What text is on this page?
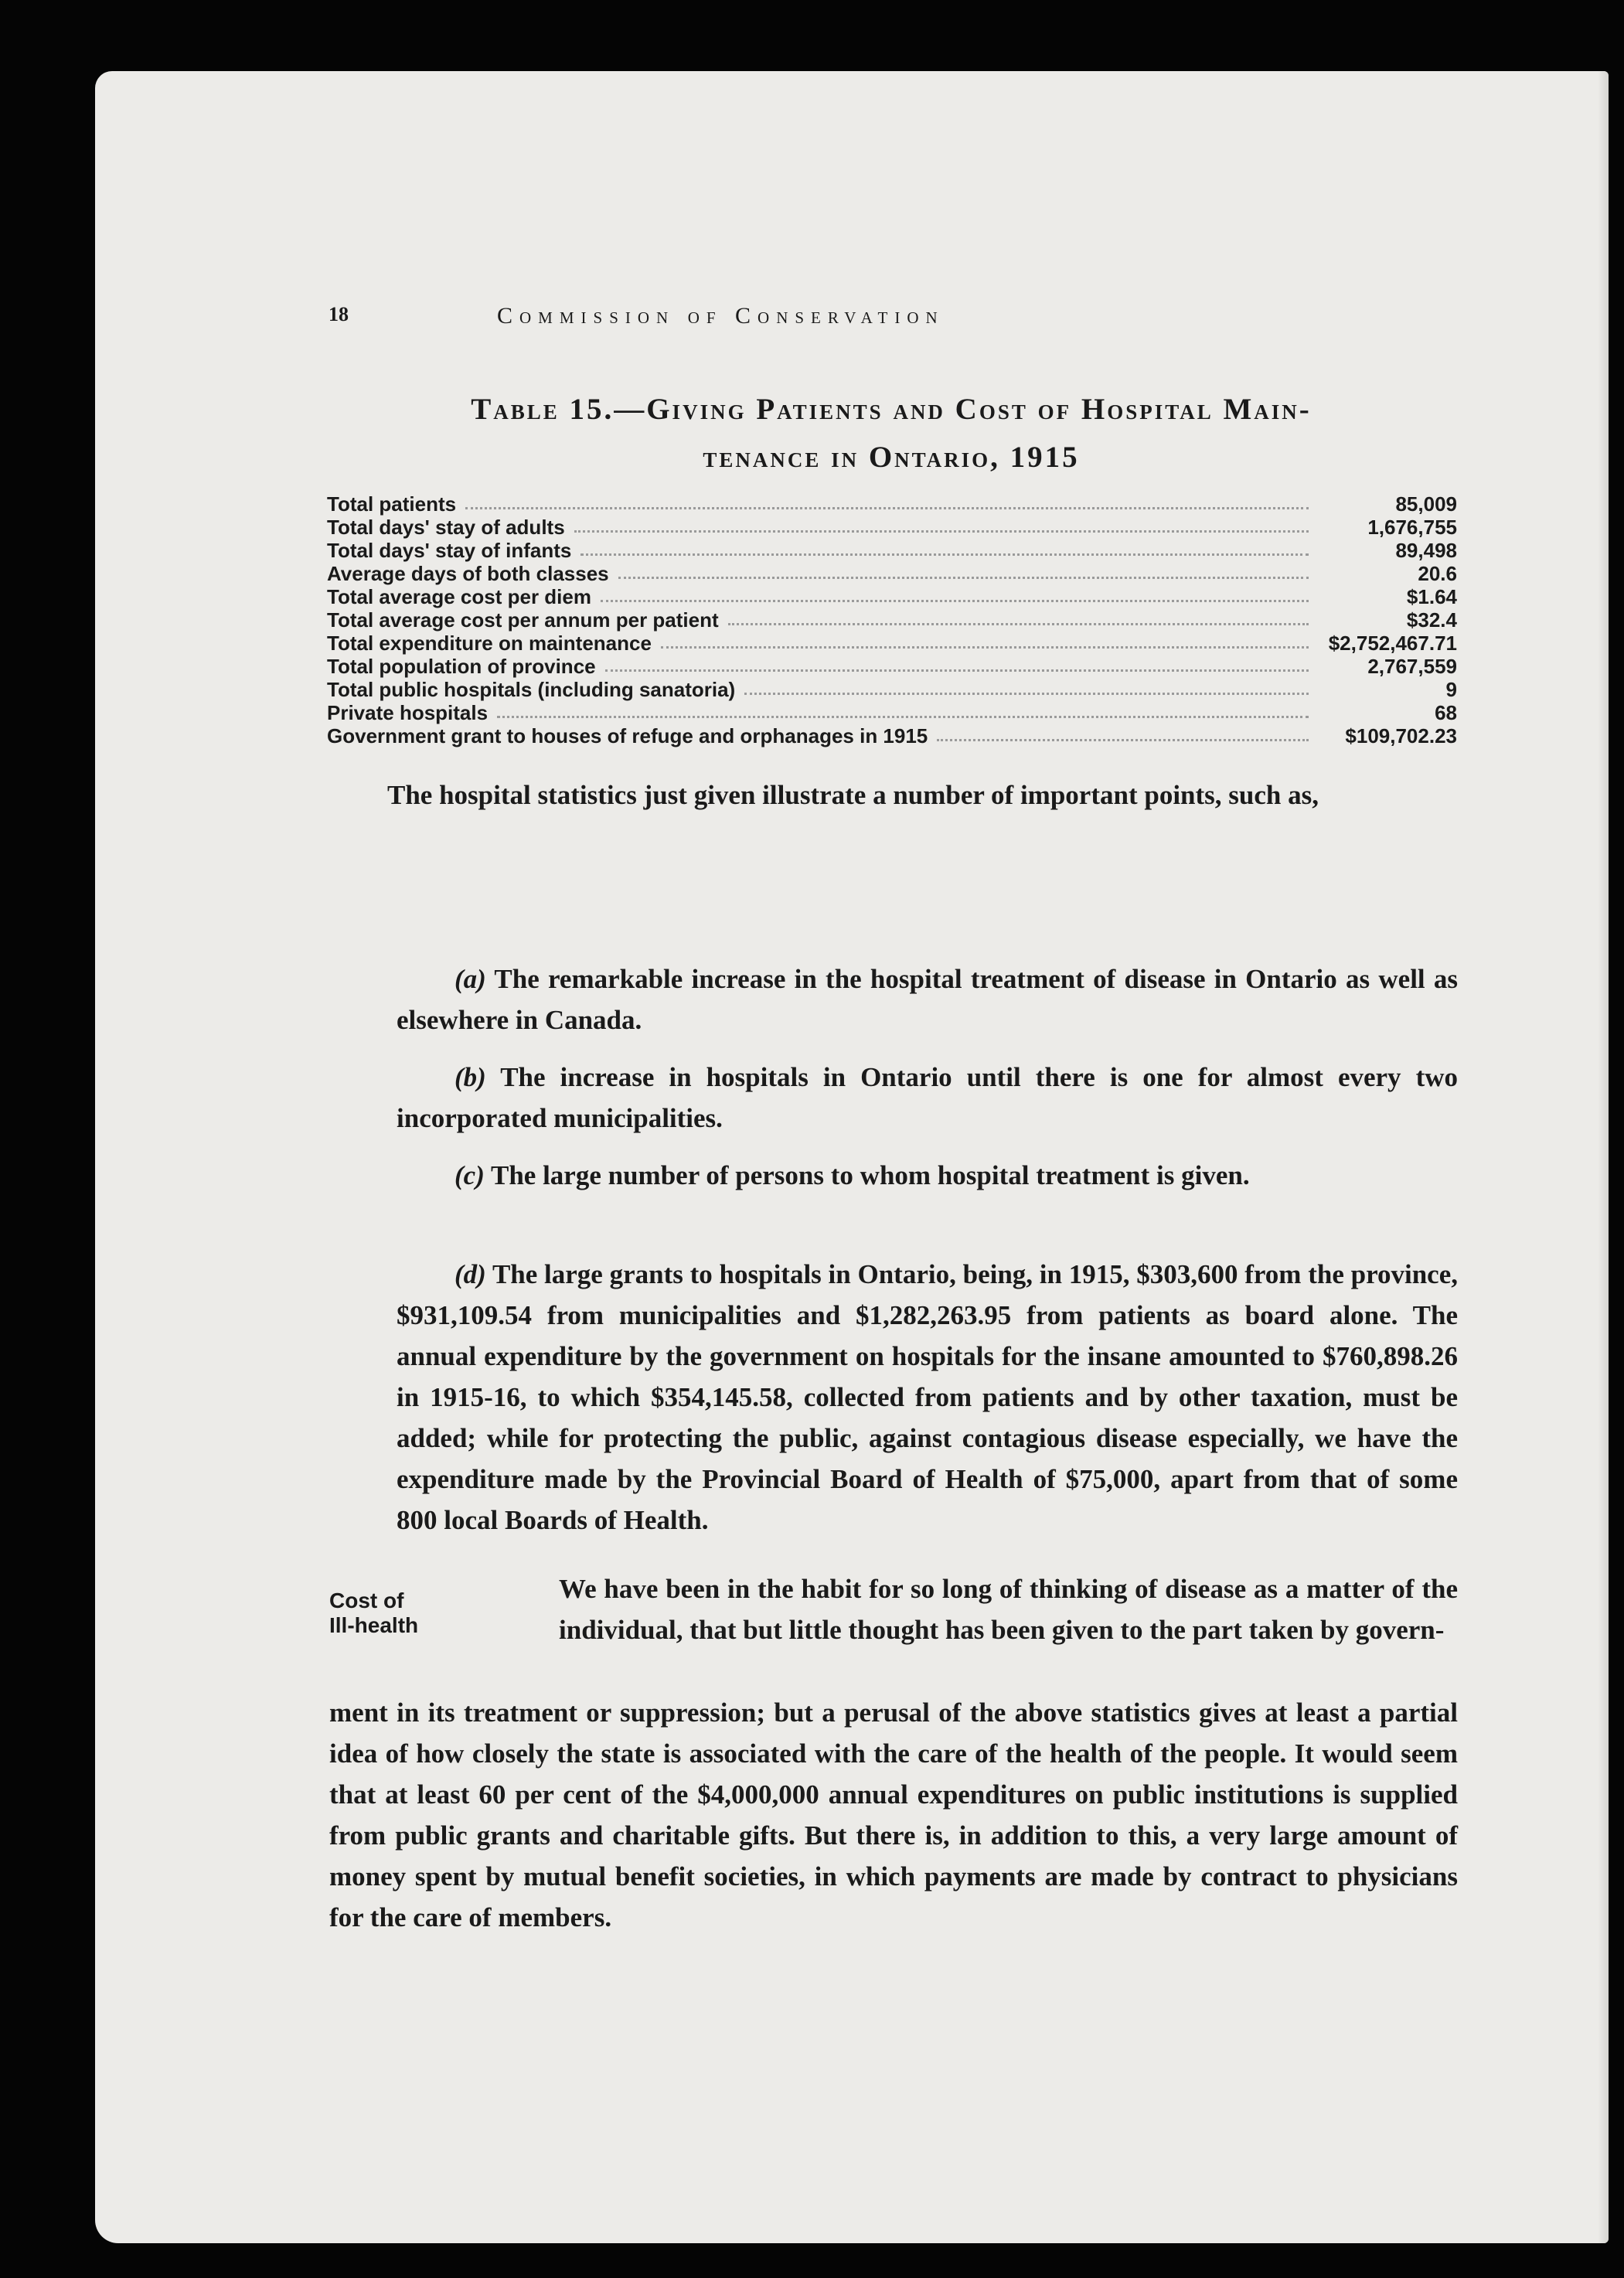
18	Commission of Conservation
Table 15.—Giving Patients and Cost of Hospital Main-
tenance in Ontario, 1915
Total patients	85,009
Total days' stay of adults	1,676,755
Total days' stay of infants	89,498
Average days of both classes	20.6
Total average cost per diem	$1.64
Total average cost per annum per patient	$32.4
Total expenditure on maintenance	$2,752,467.71
Total population of province	2,767,559
Total public hospitals (including sanatoria)	9
Private hospitals	68
Government grant to houses of refuge and orphanages in 1915	$109,702.23
The hospital statistics just given illustrate a number of important points, such as,
(a) The remarkable increase in the hospital treatment of disease in Ontario as well as elsewhere in Canada.
(b) The increase in hospitals in Ontario until there is one for almost every two incorporated municipalities.
(c) The large number of persons to whom hospital treatment is given.
(d) The large grants to hospitals in Ontario, being, in 1915, $303,600 from the province, $931,109.54 from municipalities and $1,282,263.95 from patients as board alone. The annual expenditure by the government on hospitals for the insane amounted to $760,898.26 in 1915-16, to which $354,145.58, collected from patients and by other taxation, must be added; while for protecting the public, against contagious disease especially, we have the expenditure made by the Provincial Board of Health of $75,000, apart from that of some 800 local Boards of Health.
Cost of
Ill-health
We have been in the habit for so long of thinking of disease as a matter of the individual, that but little thought has been given to the part taken by govern-
ment in its treatment or suppression; but a perusal of the above statistics gives at least a partial idea of how closely the state is associated with the care of the health of the people. It would seem that at least 60 per cent of the $4,000,000 annual expenditures on public institutions is supplied from public grants and charitable gifts. But there is, in addition to this, a very large amount of money spent by mutual benefit societies, in which payments are made by contract to physicians for the care of members.
